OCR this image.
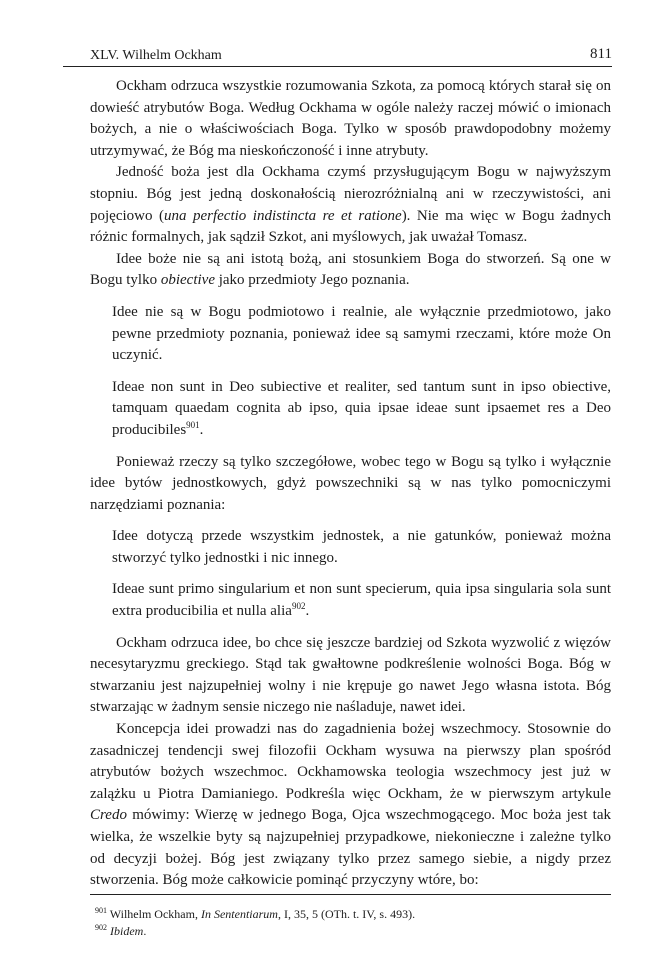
XLV. Wilhelm Ockham	811

Ockham odrzuca wszystkie rozumowania Szkota, za pomocą których starał się on dowieść atrybutów Boga. Według Ockhama w ogóle należy raczej mówić o imionach bożych, a nie o właściwościach Boga. Tylko w sposób prawdopodobny możemy utrzymywać, że Bóg ma nieskończoność i inne atrybuty.

Jedność boża jest dla Ockhama czymś przysługującym Bogu w najwyższym stopniu. Bóg jest jedną doskonałością nierozróżnialną ani w rzeczywistości, ani pojęciowo (una perfectio indistincta re et ratione). Nie ma więc w Bogu żadnych różnic formalnych, jak sądził Szkot, ani myślowych, jak uważał Tomasz.

Idee boże nie są ani istotą bożą, ani stosunkiem Boga do stworzeń. Są one w Bogu tylko obiective jako przedmioty Jego poznania.

Idee nie są w Bogu podmiotowo i realnie, ale wyłącznie przedmiotowo, jako pewne przedmioty poznania, ponieważ idee są samymi rzeczami, które może On uczynić.

Ideae non sunt in Deo subiective et realiter, sed tantum sunt in ipso obiective, tamquam quaedam cognita ab ipso, quia ipsae ideae sunt ipsaemet res a Deo producibiles$^{901}$.

Ponieważ rzeczy są tylko szczegółowe, wobec tego w Bogu są tylko i wyłącznie idee bytów jednostkowych, gdyż powszechniki są w nas tylko pomocniczymi narzędziami poznania:

Idee dotyczą przede wszystkim jednostek, a nie gatunków, ponieważ można stworzyć tylko jednostki i nic innego.

Ideae sunt primo singularium et non sunt specierum, quia ipsa singularia sola sunt extra producibilia et nulla alia$^{902}$.

Ockham odrzuca idee, bo chce się jeszcze bardziej od Szkota wyzwolić z więzów necesytaryzmu greckiego. Stąd tak gwałtowne podkreślenie wolności Boga. Bóg w stwarzaniu jest najzupełniej wolny i nie krępuje go nawet Jego własna istota. Bóg stwarzając w żadnym sensie niczego nie naśladuje, nawet idei.

Koncepcja idei prowadzi nas do zagadnienia bożej wszechmocy. Stosownie do zasadniczej tendencji swej filozofii Ockham wysuwa na pierwszy plan spośród atrybutów bożych wszechmoc. Ockhamowska teologia wszechmocy jest już w zalążku u Piotra Damianiego. Podkreśla więc Ockham, że w pierwszym artykule Credo mówimy: Wierzę w jednego Boga, Ojca wszechmogącego. Moc boża jest tak wielka, że wszelkie byty są najzupełniej przypadkowe, niekonieczne i zależne tylko od decyzji bożej. Bóg jest związany tylko przez samego siebie, a nigdy przez stworzenia. Bóg może całkowicie pominąć przyczyny wtóre, bo:

$^{901}$ Wilhelm Ockham, In Sententiarum, I, 35, 5 (OTh. t. IV, s. 493).
$^{902}$ Ibidem.
